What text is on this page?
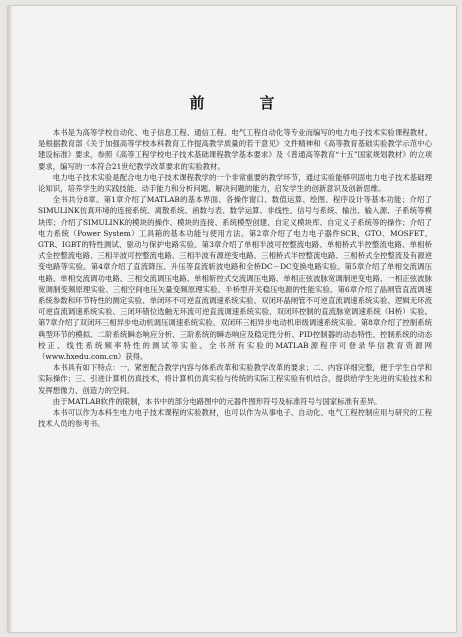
前　言

本书是为高等学校自动化、电子信息工程、通信工程、电气工程自动化等专业而编写的电力电子技术实验课程教材。是根据教育部《关于加强高等学校本科教育工作提高教学质量的若干意见》文件精神和《高等教育基础实验教学示范中心建设标准》要求，参照《高等工程学校电子技术基础课程教学基本要求》及《普通高等教育“十五”国家规划教材》的立项要求，编写的一本符合21世纪教学改革要求的实验教材。

电力电子技术实验是配合电力电子技术课程教学的一个非常重要的教学环节，通过实验能够巩固电力电子技术基础理论知识，培养学生的实践技能、动手能力和分析问题、解决问题的能力，启发学生的创新意识及创新思维。

全书共分8章。第1章介绍了MATLAB的基本界面、各操作窗口、数值运算、绘图、程序设计等基本功能；介绍了SIMULINK仿真环境的连接系统、离散系统、函数与表、数学运算、非线性、信号与系统、输出、输入源、子系统等模块库；介绍了SIMULINK的模块的操作、模块的连接、系统模型创建、自定义模块库、自定义子系统等的操作；介绍了电力系统（Power System）工具箱的基本功能与使用方法。第2章介绍了电力电子器件SCR、GTO、MOSFET、GTR、IGBT的特性测试、驱动与保护电路实验。第3章介绍了单相半波可控整流电路、单相桥式半控整流电路、单相桥式全控整流电路、三相半波可控整流电路、三相半波有源逆变电路、三相桥式半控整流电路、三相桥式全控整流及有源逆变电路等实验。第4章介绍了直流降压、升压等直流斩波电路和全桥DC－DC变换电路实验。第5章介绍了单相交流调压电路、单相交流调功电路、三相交流调压电路、单相斩控式交流调压电路、单相正弦波脉宽调制逆变电路、一相正弦波脉宽调制变频原理实验、三相空间电压矢量变频原理实验、半桥型开关稳压电源的性能实验。第6章介绍了晶闸管直流调速系统参数和环节特性的测定实验、单闭环不可逆直流调速系统实验、双闭环晶闸管不可逆直流调速系统实验、逻辑无环流可逆直流调速系统实验、三闭环错位选触无环流可逆直流调速系统实验、双闭环控制的直流脉宽调速系统（H桥）实验。第7章介绍了双闭环三相异步电动机调压调速系统实验、双闭环三相异步电动机串级调速系统实验。第8章介绍了控制系统典型环节的模拟、二阶系统瞬态响应分析、三阶系统的瞬态响应及稳定性分析、PID控制器的动态特性、控制系统的动态校正、线性系统频率特性的测试等实验。全书所有实验的MATLAB源程序可登录华信教育资源网（www.hxedu.com.cn）获得。

本书具有如下特点：一、紧密配合教学内容与体系改革和实验教学改革的要求；二、内容详细完整，便于学生自学和实际操作；三、引进计算机仿真技术，将计算机仿真实验与传统的实际工程实验有机结合，提供给学生先进的实验技术和发挥想像力、创造力的空间。

由于MATLAB软件的限制，本书中的部分电路图中的元器件图形符号及标准符号与国家标准有差异。

本书可以作为本科生电力电子技术课程的实验教材，也可以作为从事电子、自动化、电气工程控制应用与研究的工程技术人员的参考书。
